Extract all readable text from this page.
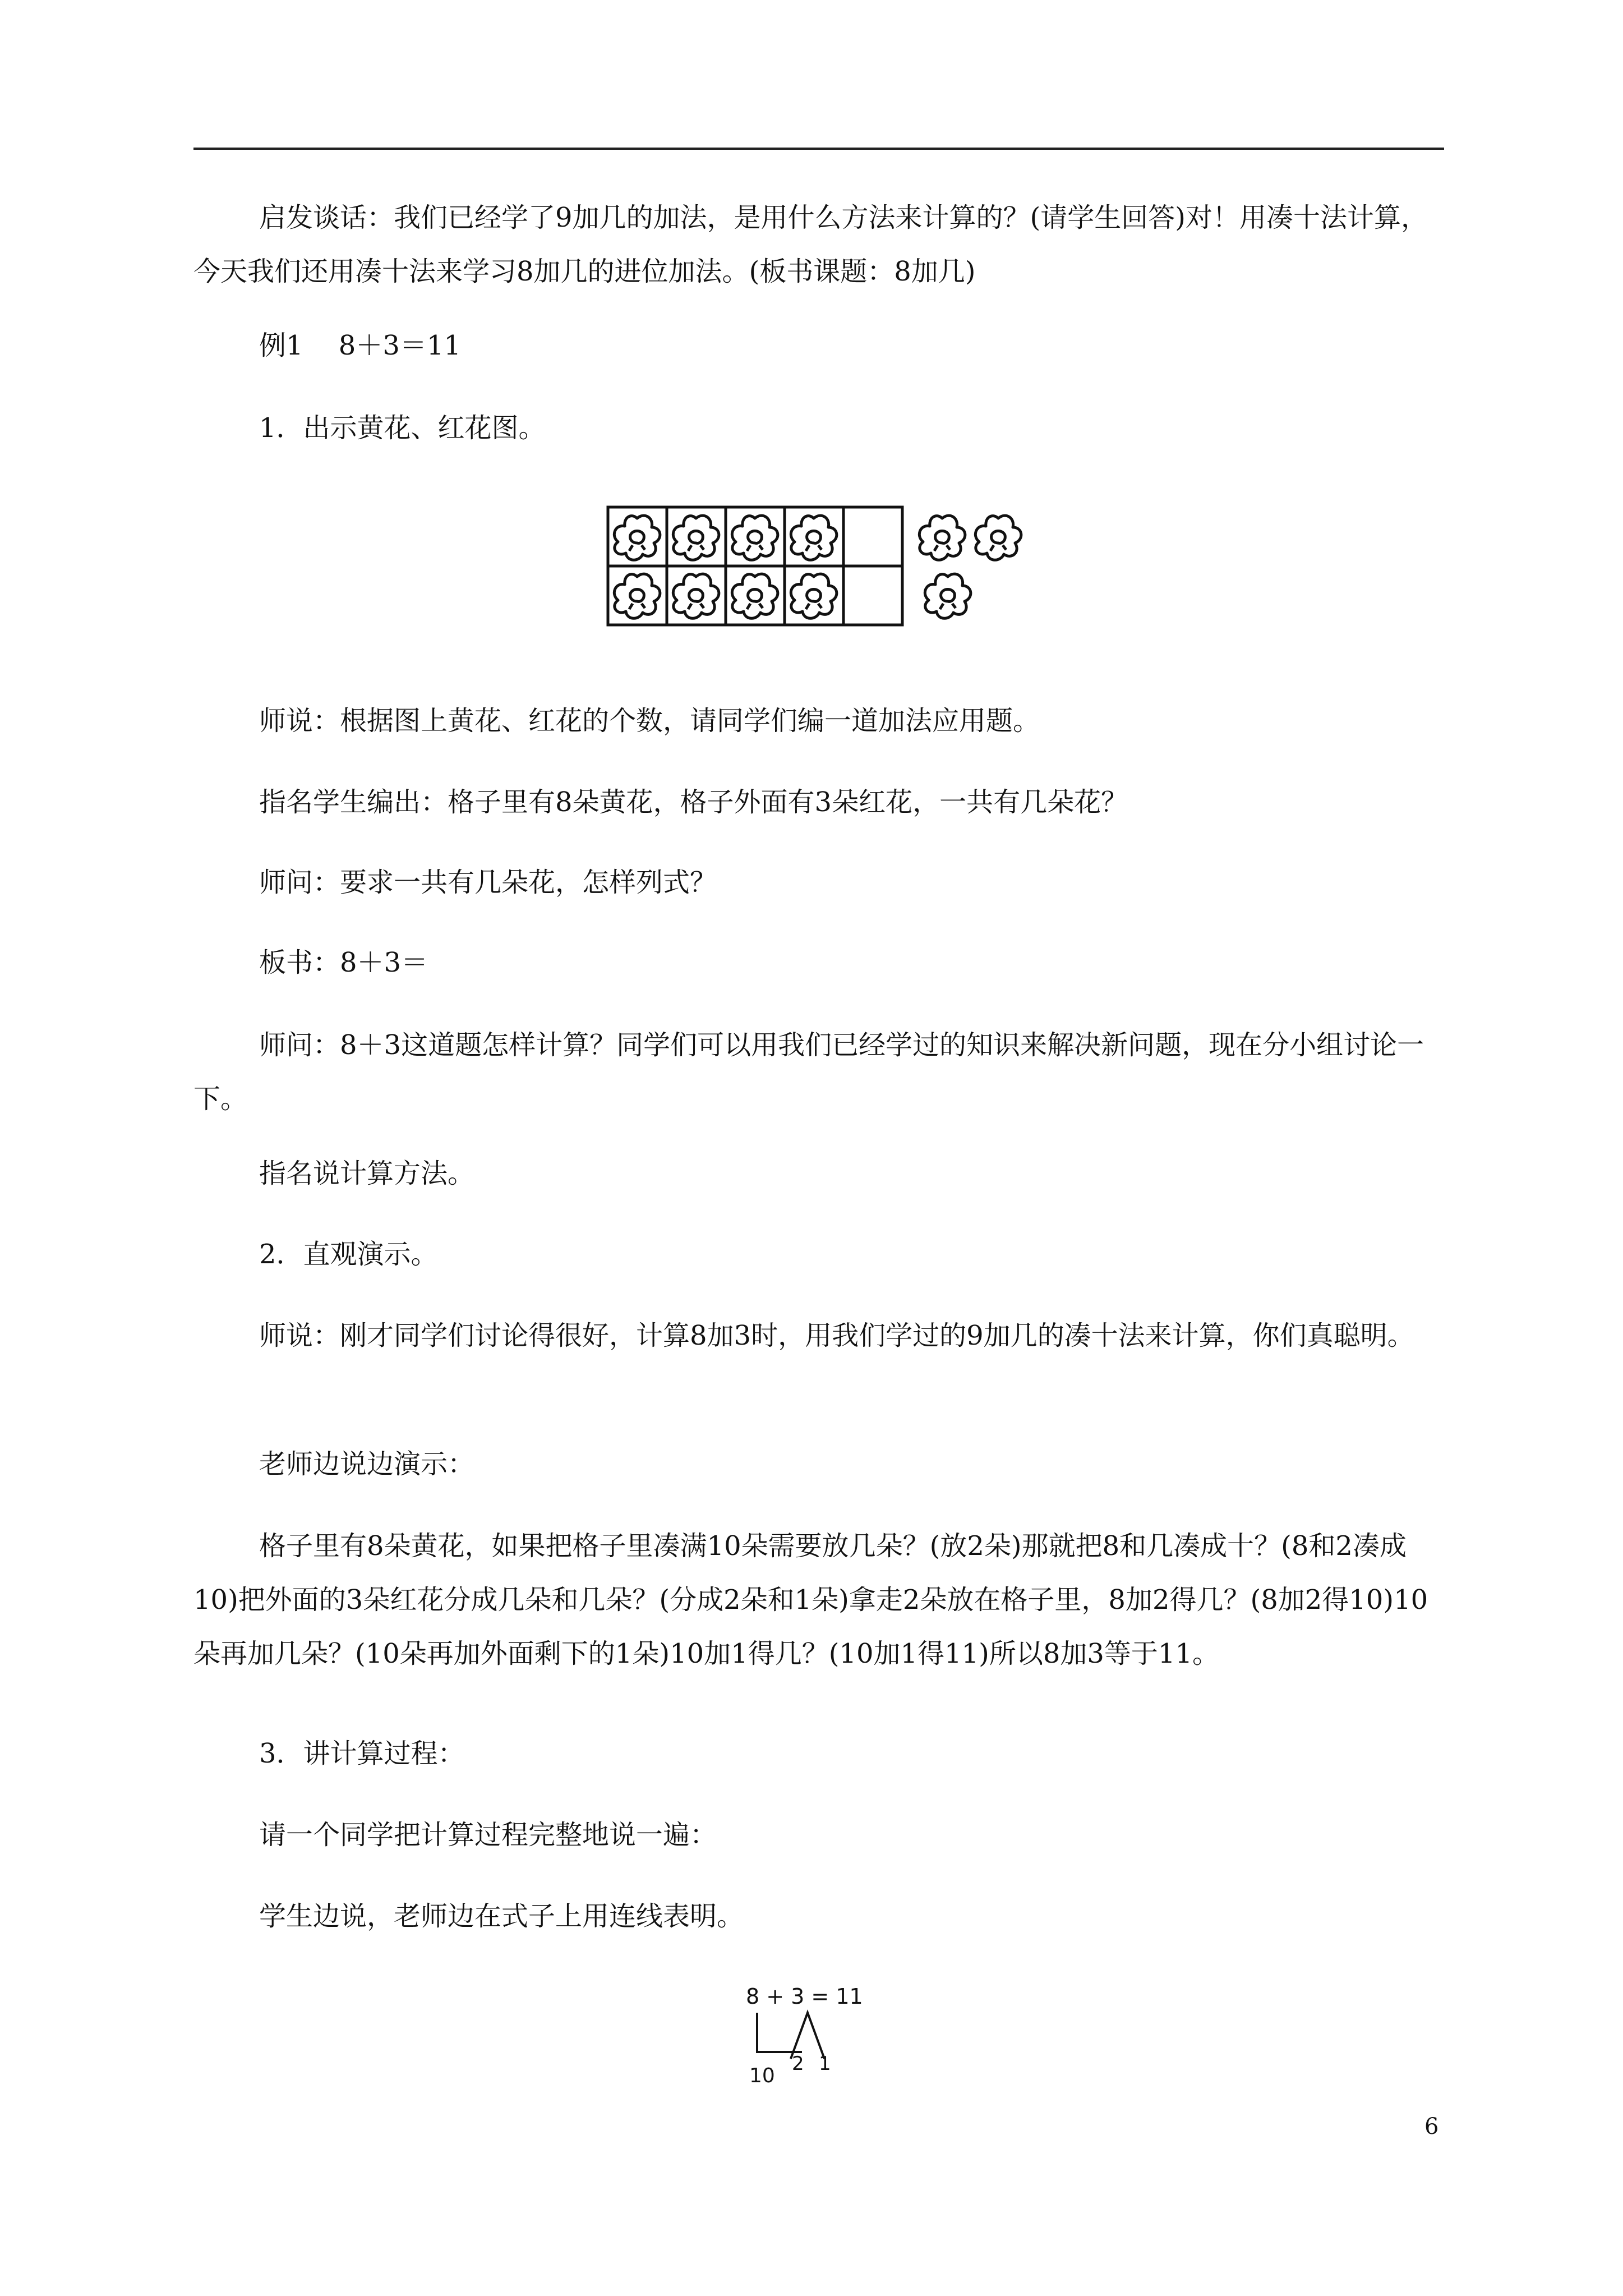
启发谈话：我们已经学了9加几的加法，是用什么方法来计算的？(请学生回答)对！用凑十法计算，今天我们还用凑十法来学习8加几的进位加法。(板书课题：8加几)

例1　 8＋3＝11

1．出示黄花、红花图。

师说：根据图上黄花、红花的个数，请同学们编一道加法应用题。

指名学生编出：格子里有8朵黄花，格子外面有3朵红花，一共有几朵花？

师问：要求一共有几朵花，怎样列式？

板书：8＋3＝

师问：8＋3这道题怎样计算？同学们可以用我们已经学过的知识来解决新问题，现在分小组讨论一下。

指名说计算方法。

2．直观演示。

师说：刚才同学们讨论得很好，计算8加3时，用我们学过的9加几的凑十法来计算，你们真聪明。

老师边说边演示：

格子里有8朵黄花，如果把格子里凑满10朵需要放几朵？(放2朵)那就把8和几凑成十？(8和2凑成10)把外面的3朵红花分成几朵和几朵？(分成2朵和1朵)拿走2朵放在格子里，8加2得几？(8加2得10)10朵再加几朵？(10朵再加外面剩下的1朵)10加1得几？(10加1得11)所以8加3等于11。

3．讲计算过程：

请一个同学把计算过程完整地说一遍：

学生边说，老师边在式子上用连线表明。

8 + 3 = 11
10
2 1
6
